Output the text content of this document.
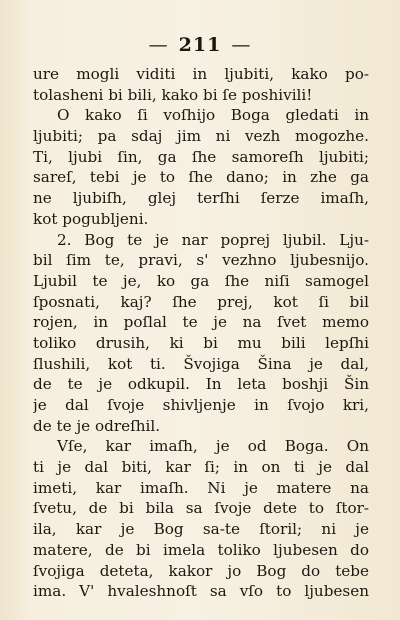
— 211 —
ure mogli viditi in ljubiti, kako po-
tolasheni bi bili, kako bi ſe poshivili!
O kako ſi voſhijo Boga gledati in
ljubiti; pa sdaj jim ni vezh mogozhe.
Ti, ljubi ſin, ga ſhe samoreſh ljubiti;
sareſ, tebi je to ſhe dano; in zhe ga
ne ljubiſh, glej terſhi ſerze imaſh,
kot pogubljeni.
2. Bog te je nar poprej ljubil. Lju-
bil ſim te, pravi, s' vezhno ljubesnijo.
Ljubil te je, ko ga ſhe niſi samogel
ſposnati, kaj? ſhe prej, kot ſi bil
rojen, in poſlal te je na ſvet memo
toliko drusih, ki bi mu bili lepſhi
ſlushili, kot ti. Švojiga Šina je dal,
de te je odkupil. In leta boshji Šin
je dal ſvoje shivljenje in ſvojo kri,
de te je odreſhil.
Vſe, kar imaſh, je od Boga. On
ti je dal biti, kar ſi; in on ti je dal
imeti, kar imaſh. Ni je matere na
ſvetu, de bi bila sa ſvoje dete to ſtor-
ila, kar je Bog sa-te ſtoril; ni je
matere, de bi imela toliko ljubesen do
ſvojiga deteta, kakor jo Bog do tebe
ima. V' hvaleshnoſt sa vſo to ljubesen
